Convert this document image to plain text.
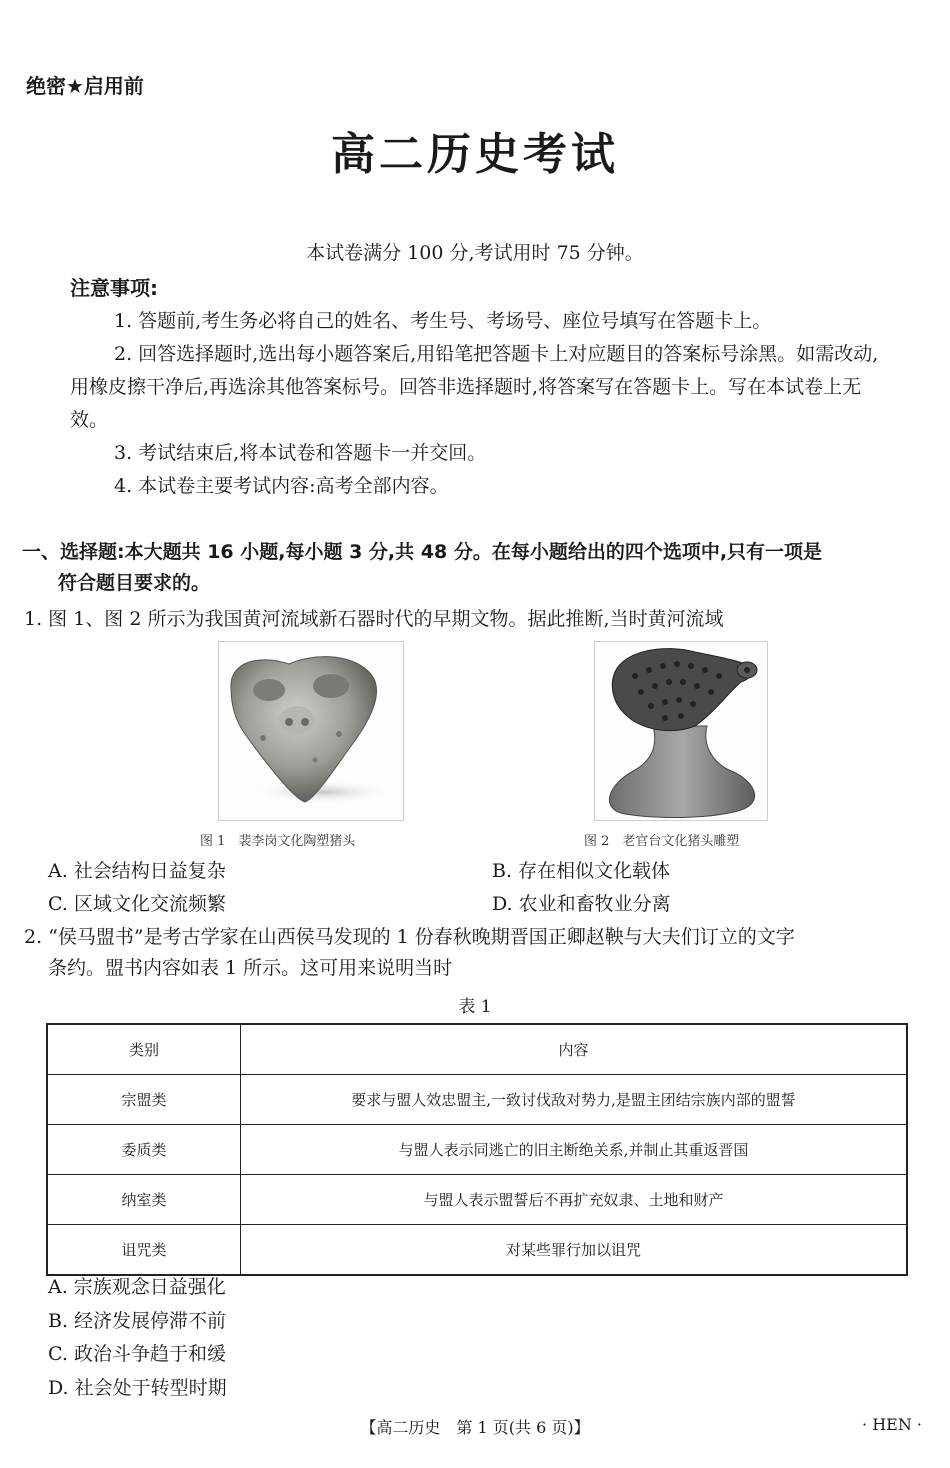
绝密★启用前

高二历史考试

本试卷满分 100 分,考试用时 75 分钟。

注意事项:

1. 答题前,考生务必将自己的姓名、考生号、考场号、座位号填写在答题卡上。

2. 回答选择题时,选出每小题答案后,用铅笔把答题卡上对应题目的答案标号涂黑。如需改动,用橡皮擦干净后,再选涂其他答案标号。回答非选择题时,将答案写在答题卡上。写在本试卷上无效。

3. 考试结束后,将本试卷和答题卡一并交回。

4. 本试卷主要考试内容:高考全部内容。

一、选择题:本大题共 16 小题,每小题 3 分,共 48 分。在每小题给出的四个选项中,只有一项是
符合题目要求的。

1. 图 1、图 2 所示为我国黄河流域新石器时代的早期文物。据此推断,当时黄河流域

图 1　裴李岗文化陶塑猪头	图 2　老官台文化猪头雕塑

A. 社会结构日益复杂	B. 存在相似文化载体

C. 区域文化交流频繁	D. 农业和畜牧业分离

2. “侯马盟书”是考古学家在山西侯马发现的 1 份春秋晚期晋国正卿赵鞅与大夫们订立的文字
条约。盟书内容如表 1 所示。这可用来说明当时

表 1

类别	内容
宗盟类	要求与盟人效忠盟主,一致讨伐敌对势力,是盟主团结宗族内部的盟誓
委质类	与盟人表示同逃亡的旧主断绝关系,并制止其重返晋国
纳室类	与盟人表示盟誓后不再扩充奴隶、土地和财产
诅咒类	对某些罪行加以诅咒

A. 宗族观念日益强化

B. 经济发展停滞不前

C. 政治斗争趋于和缓

D. 社会处于转型时期

【高二历史　第 1 页(共 6 页)】	· HEN ·
